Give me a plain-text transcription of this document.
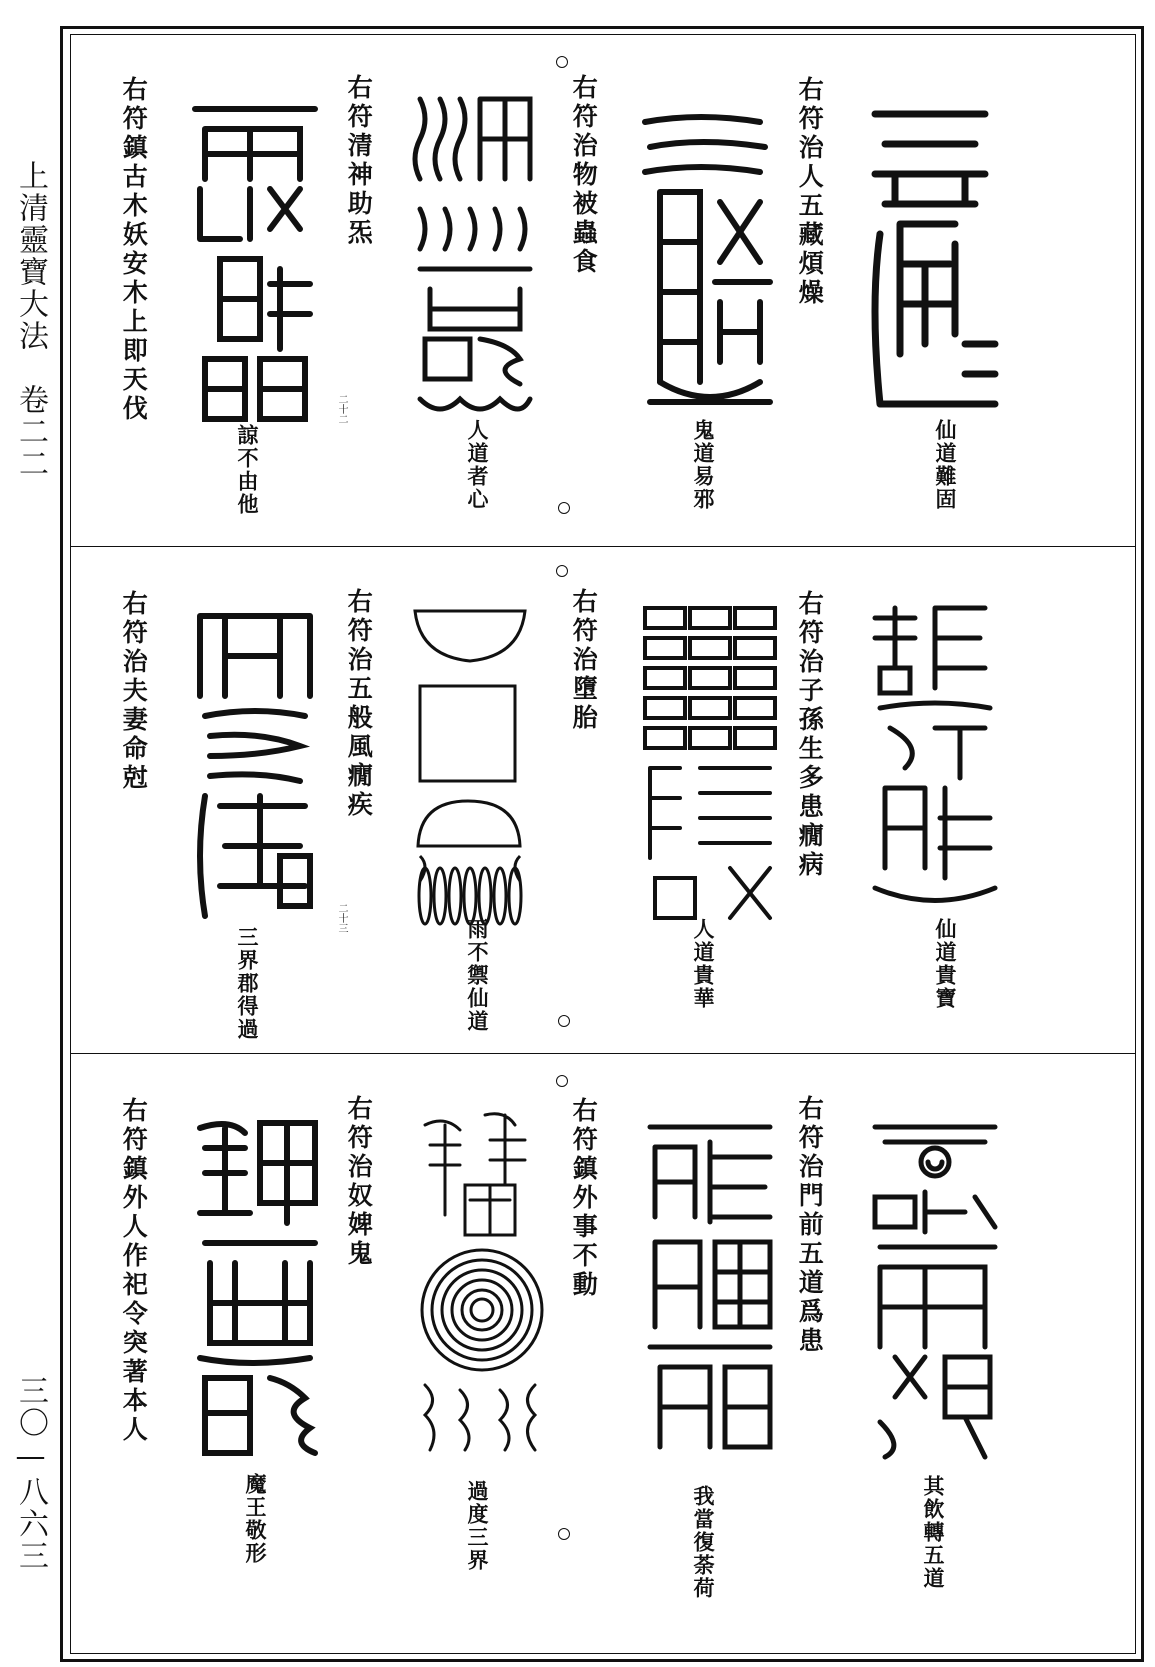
上清靈寶大法　卷二二
三〇—八六三
右符治人五藏煩燥
仙道難固
右符治物被蟲食
鬼道易邪
右符清神助炁
二十二
人道者心
右符鎮古木妖安木上即天伐
諒不由他
右符治子孫生多患癇病
仙道貴寶
右符治墮胎
人道貴華
右符治五般風癇疾
二十三	雨不禦仙道
右符治夫妻命尅
三界郡得過
右符治門前五道爲患
其飲轉五道
右符鎮外事不動
我當復荼荷
右符治奴婢鬼
過度三界
右符鎮外人作祀令突著本人
魔王敬形
